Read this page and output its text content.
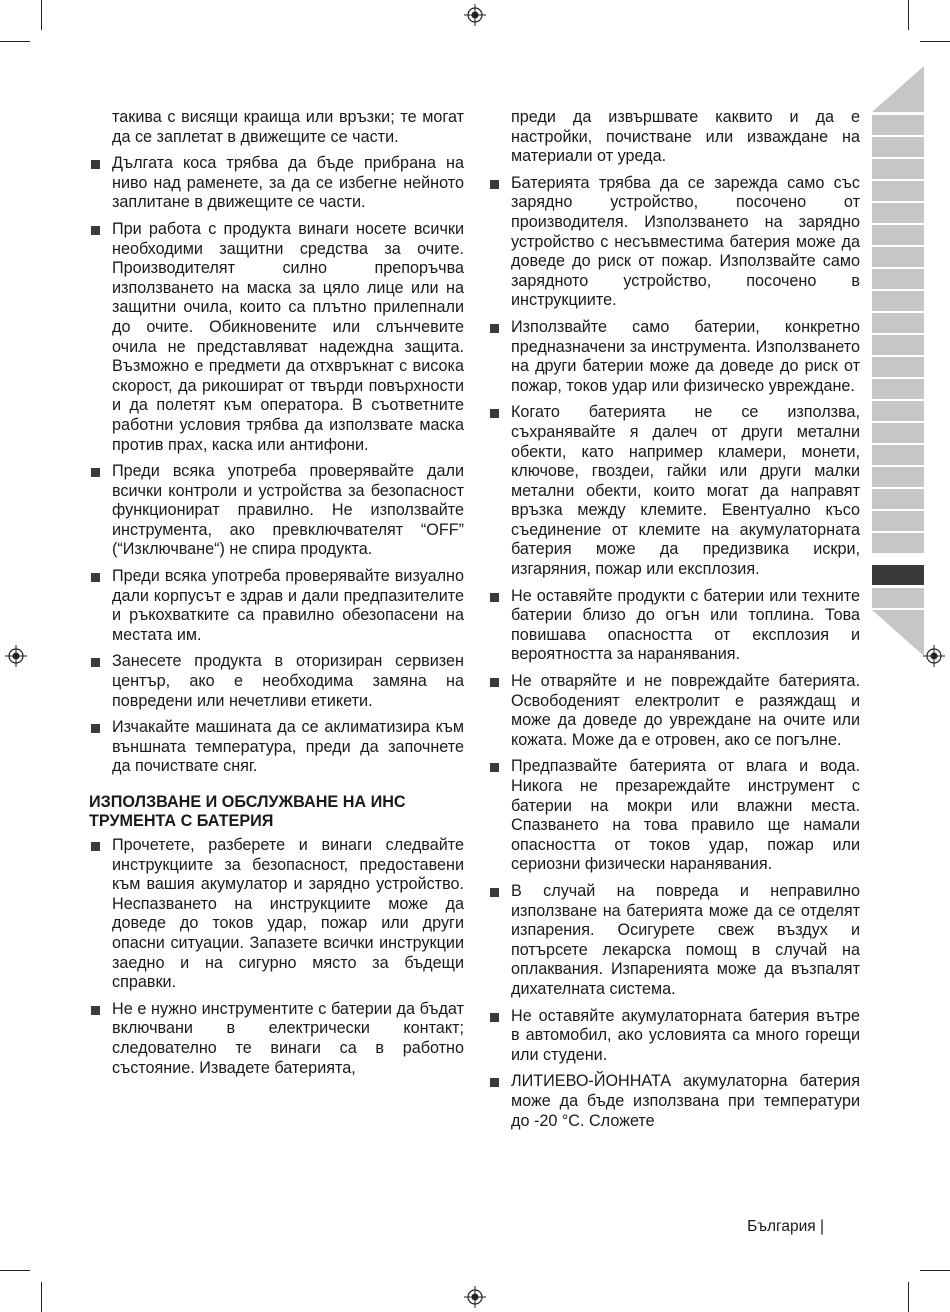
такива с висящи краища или връзки; те могат да се заплетат в движещите се части.
Дългата коса трябва да бъде прибрана на ниво над раменете, за да се избегне нейното заплитане в движещите се части.
При работа с продукта винаги носете всички необходими защитни средства за очите. Производителят силно препоръчва използването на маска за цяло лице или на защитни очила, които са плътно прилепнали до очите. Обикновените или слънчевите очила не представляват надеждна защита. Възможно е предмети да отхвръкнат с висока скорост, да рикошират от твърди повърхности и да полетят към оператора. В съответните работни условия трябва да използвате маска против прах, каска или антифони.
Преди всяка употреба проверявайте дали всички контроли и устройства за безопасност функционират правилно. Не използвайте инструмента, ако превключвателят “OFF” (“Изключване“) не спира продукта.
Преди всяка употреба проверявайте визуално дали корпусът е здрав и дали предпазителите и ръкохватките са правилно обезопасени на местата им.
Занесете продукта в оторизиран сервизен център, ако е необходима замяна на повредени или нечетливи етикети.
Изчакайте машината да се аклиматизира към външната температура, преди да започнете да почиствате сняг.
ИЗПОЛЗВАНЕ И ОБСЛУЖВАНЕ НА ИНС ТРУМЕНТА С БАТЕРИЯ
Прочетете, разберете и винаги следвайте инструкциите за безопасност, предоставени към вашия акумулатор и зарядно устройство. Неспазването на инструкциите може да доведе до токов удар, пожар или други опасни ситуации. Запазете всички инструкции заедно и на сигурно място за бъдещи справки.
Не е нужно инструментите с батерии да бъдат включвани в електрически контакт; следователно те винаги са в работно състояние. Извадете батерията,
преди да извършвате каквито и да е настройки, почистване или изваждане на материали от уреда.
Батерията трябва да се зарежда само със зарядно устройство, посочено от производителя. Използването на зарядно устройство с несъвместима батерия може да доведе до риск от пожар. Използвайте само зарядното устройство, посочено в инструкциите.
Използвайте само батерии, конкретно предназначени за инструмента. Използването на други батерии може да доведе до риск от пожар, токов удар или физическо увреждане.
Когато батерията не се използва, съхранявайте я далеч от други метални обекти, като например кламери, монети, ключове, гвоздеи, гайки или други малки метални обекти, които могат да направят връзка между клемите. Евентуално късо съединение от клемите на акумулаторната батерия може да предизвика искри, изгаряния, пожар или експлозия.
Не оставяйте продукти с батерии или техните батерии близо до огън или топлина. Това повишава опасността от експлозия и вероятността за наранявания.
Не отваряйте и не повреждайте батерията. Освободеният електролит е разяждащ и може да доведе до увреждане на очите или кожата. Може да е отровен, ако се погълне.
Предпазвайте батерията от влага и вода. Никога не презареждайте инструмент с батерии на мокри или влажни места. Спазването на това правило ще намали опасността от токов удар, пожар или сериозни физически наранявания.
В случай на повреда и неправилно използване на батерията може да се отделят изпарения. Осигурете свеж въздух и потърсете лекарска помощ в случай на оплаквания. Изпаренията може да възпалят дихателната система.
Не оставяйте акумулаторната батерия вътре в автомобил, ако условията са много горещи или студени.
ЛИТИЕВО-ЙОННАТА акумулаторна батерия може да бъде използвана при температури до -20 °C. Сложете
България |
